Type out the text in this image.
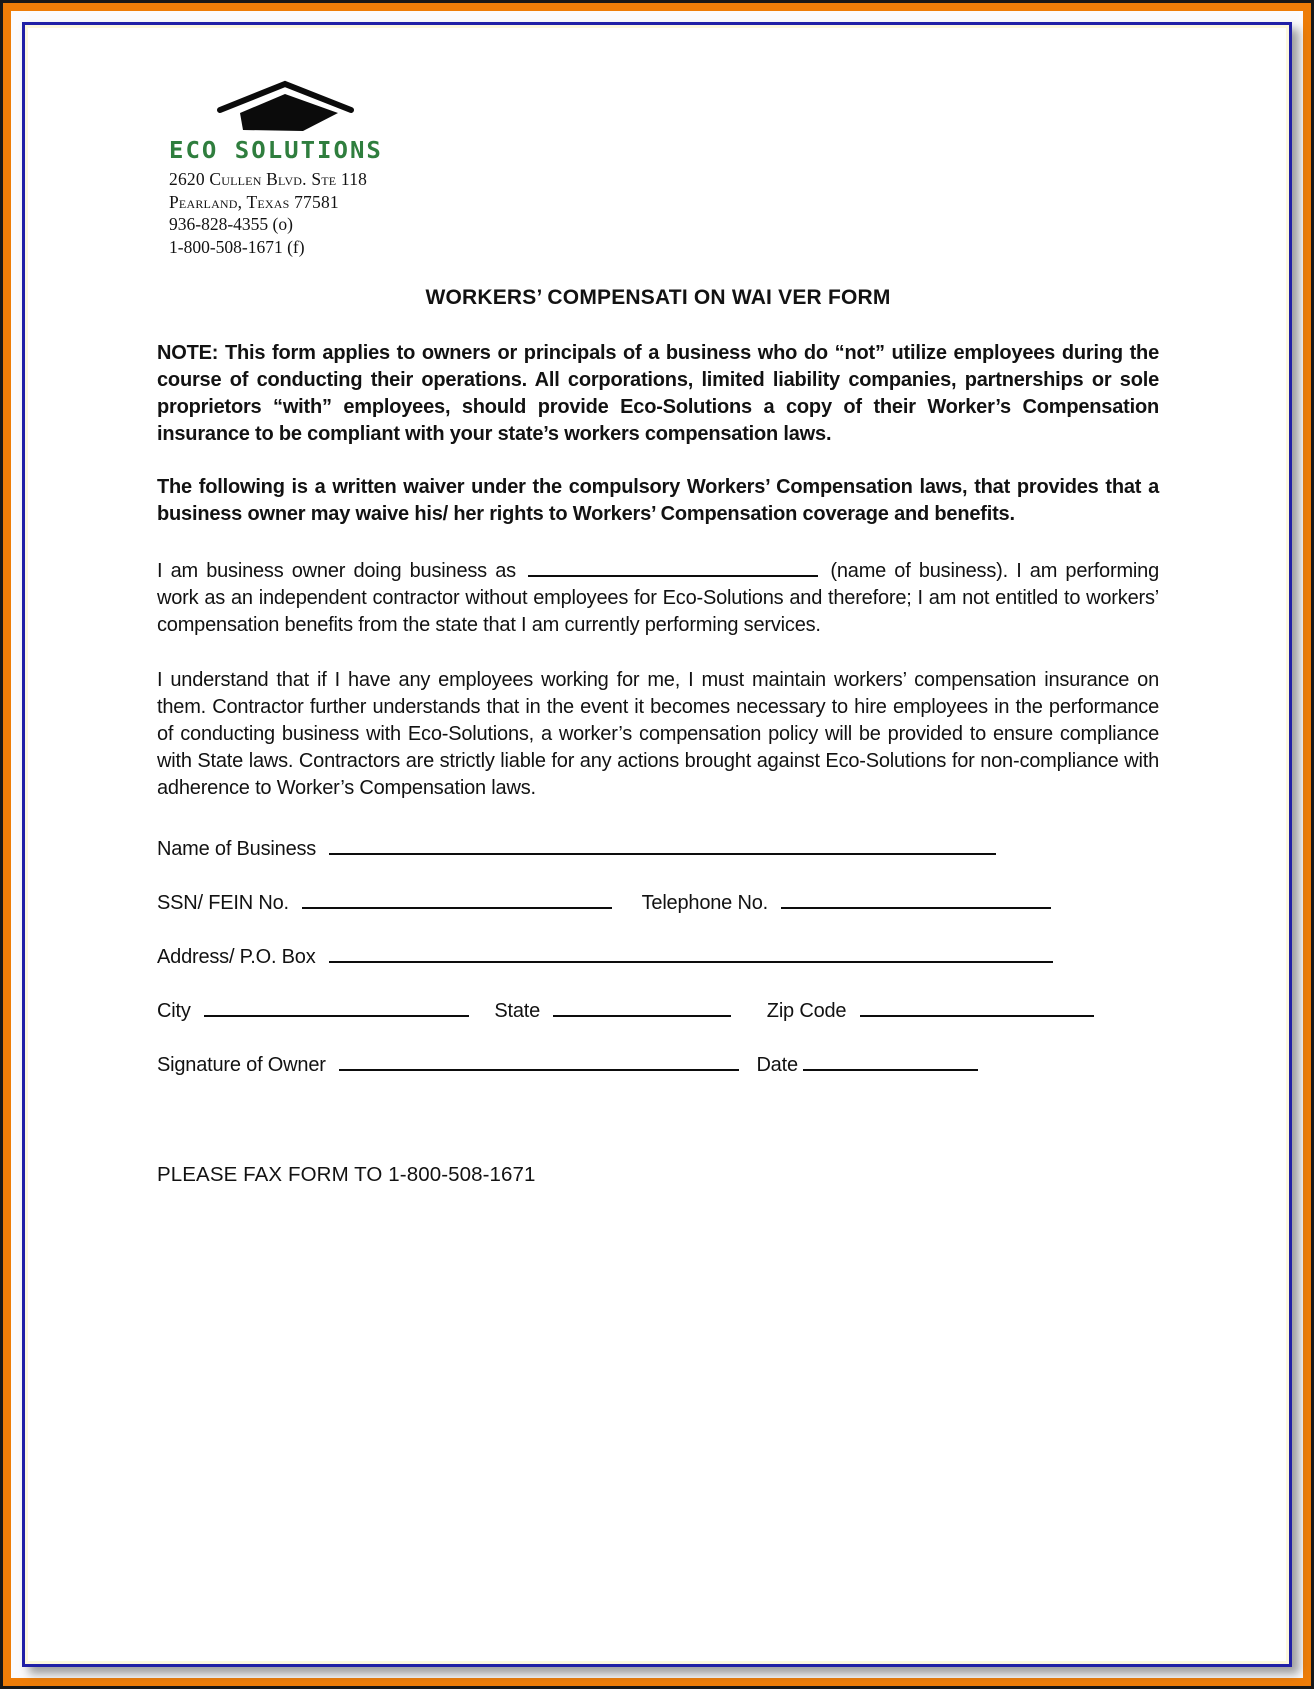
ECO SOLUTIONS
2620 Cullen Blvd. Ste 118
Pearland, Texas 77581
936-828-4355 (o)
1-800-508-1671 (f)
WORKERS’ COMPENSATI ON WAI VER FORM

NOTE: This form applies to owners or principals of a business who do “not” utilize employees during the course of conducting their operations. All corporations, limited liability companies, partnerships or sole proprietors “with” employees, should provide Eco-Solutions a copy of their Worker’s Compensation insurance to be compliant with your state’s workers compensation laws.

The following is a written waiver under the compulsory Workers’ Compensation laws, that provides that a business owner may waive his/ her rights to Workers’ Compensation coverage and benefits.

I am business owner doing business as	(name of business). I am performing work as an independent contractor without employees for Eco-Solutions and therefore; I am not entitled to workers’ compensation benefits from the state that I am currently performing services.

I understand that if I have any employees working for me, I must maintain workers’ compensation insurance on them. Contractor further understands that in the event it becomes necessary to hire employees in the performance of conducting business with Eco-Solutions, a worker’s compensation policy will be provided to ensure compliance with State laws. Contractors are strictly liable for any actions brought against Eco-Solutions for non-compliance with adherence to Worker’s Compensation laws.

Name of Business
SSN/ FEIN No.	Telephone No.
Address/ P.O. Box
City	State	Zip Code
Signature of Owner	Date
PLEASE FAX FORM TO 1-800-508-1671
